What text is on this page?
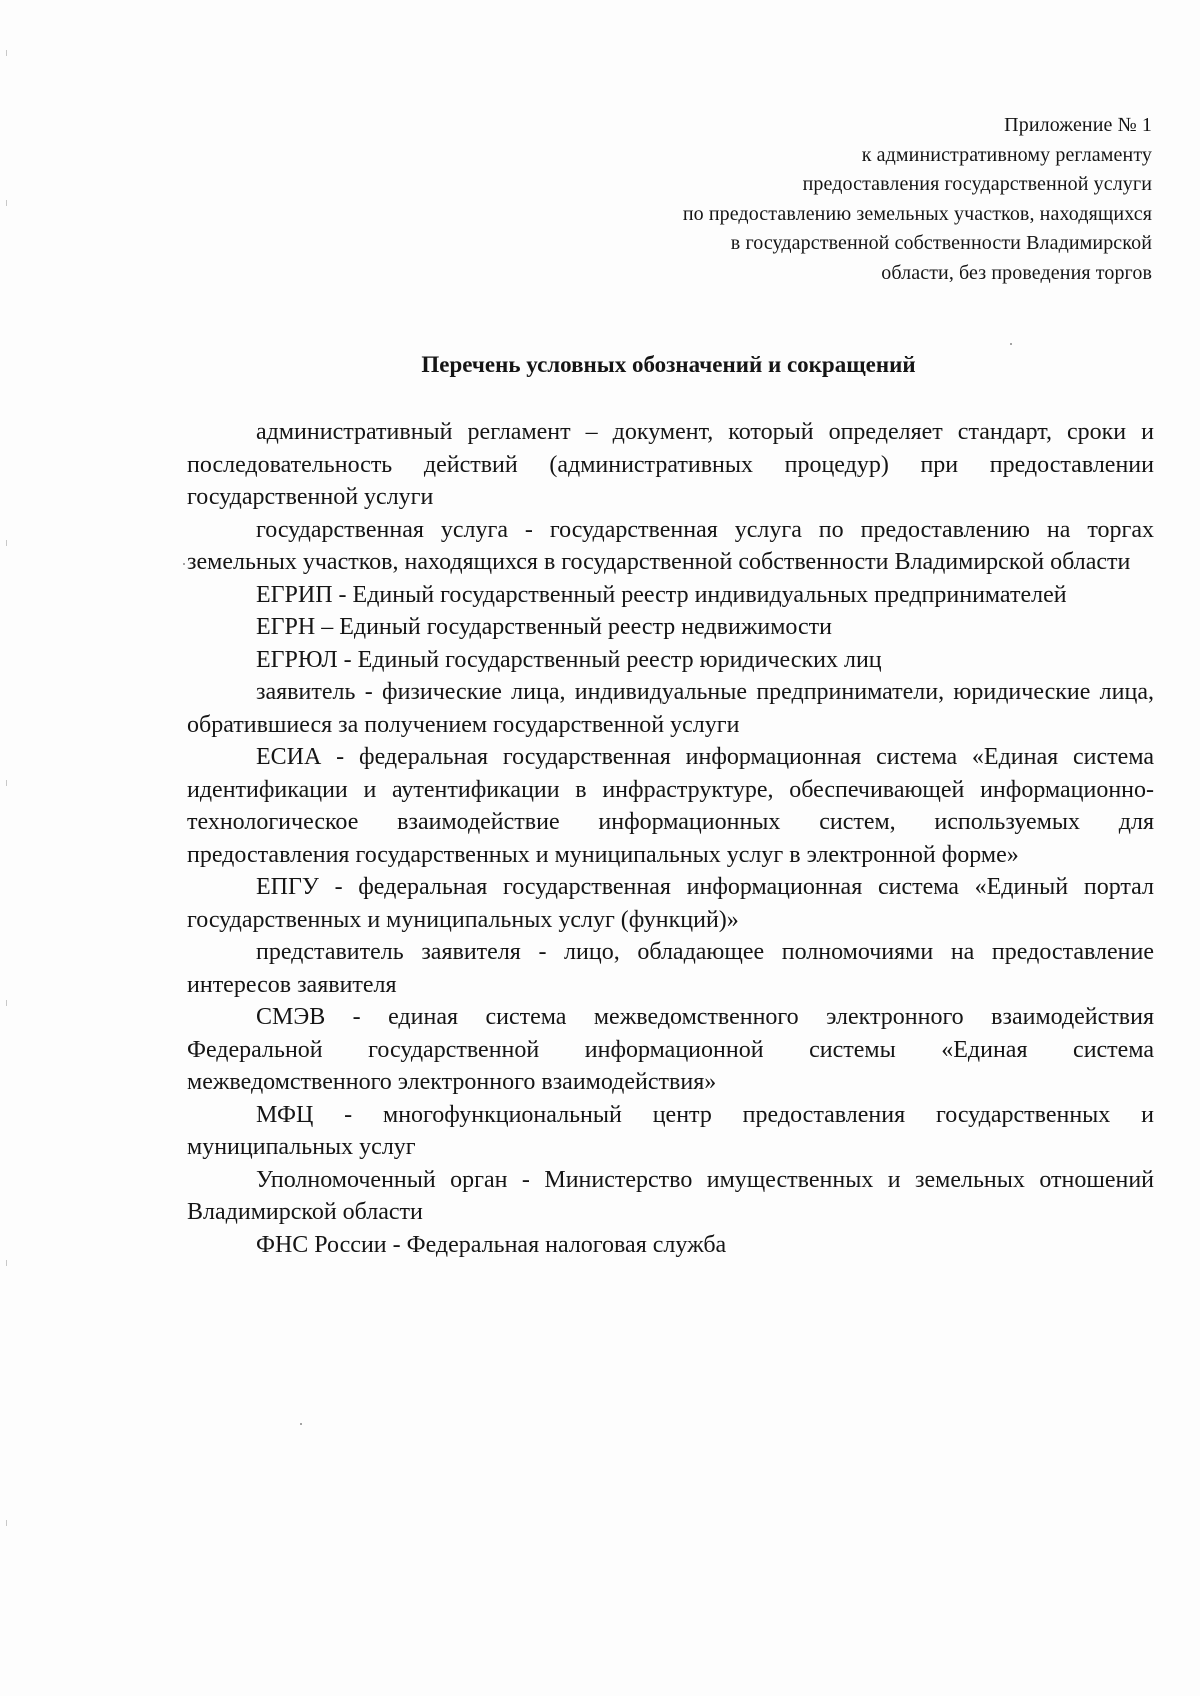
Приложение № 1
к административному регламенту
предоставления государственной услуги
по предоставлению земельных участков, находящихся
в государственной собственности Владимирской
области, без проведения торгов
Перечень условных обозначений и сокращений

административный регламент – документ, который определяет стандарт, сроки и последовательность действий (административных процедур) при предоставлении государственной услуги

государственная услуга - государственная услуга по предоставлению на торгах земельных участков, находящихся в государственной собственности Владимирской области

ЕГРИП - Единый государственный реестр индивидуальных предпринимателей

ЕГРН – Единый государственный реестр недвижимости

ЕГРЮЛ - Единый государственный реестр юридических лиц

заявитель - физические лица, индивидуальные предприниматели, юридические лица, обратившиеся за получением государственной услуги

ЕСИА - федеральная государственная информационная система «Единая система идентификации и аутентификации в инфраструктуре, обеспечивающей информационно-технологическое взаимодействие информационных систем, используемых для предоставления государственных и муниципальных услуг в электронной форме»

ЕПГУ - федеральная государственная информационная система «Единый портал государственных и муниципальных услуг (функций)»

представитель заявителя - лицо, обладающее полномочиями на предоставление интересов заявителя

СМЭВ - единая система межведомственного электронного взаимодействия Федеральной государственной информационной системы «Единая система межведомственного электронного взаимодействия»

МФЦ - многофункциональный центр предоставления государственных и муниципальных услуг

Уполномоченный орган - Министерство имущественных и земельных отношений Владимирской области

ФНС России - Федеральная налоговая служба
